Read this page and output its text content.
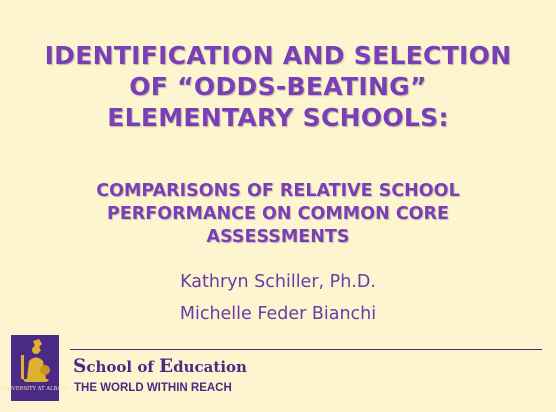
IDENTIFICATION AND SELECTION
OF “ODDS-BEATING”
ELEMENTARY SCHOOLS:
COMPARISONS OF RELATIVE SCHOOL
PERFORMANCE ON COMMON CORE
ASSESSMENTS
Kathryn Schiller, Ph.D.
Michelle Feder Bianchi
UNIVERSITY AT ALBANY
School of Education
THE WORLD WITHIN REACH
